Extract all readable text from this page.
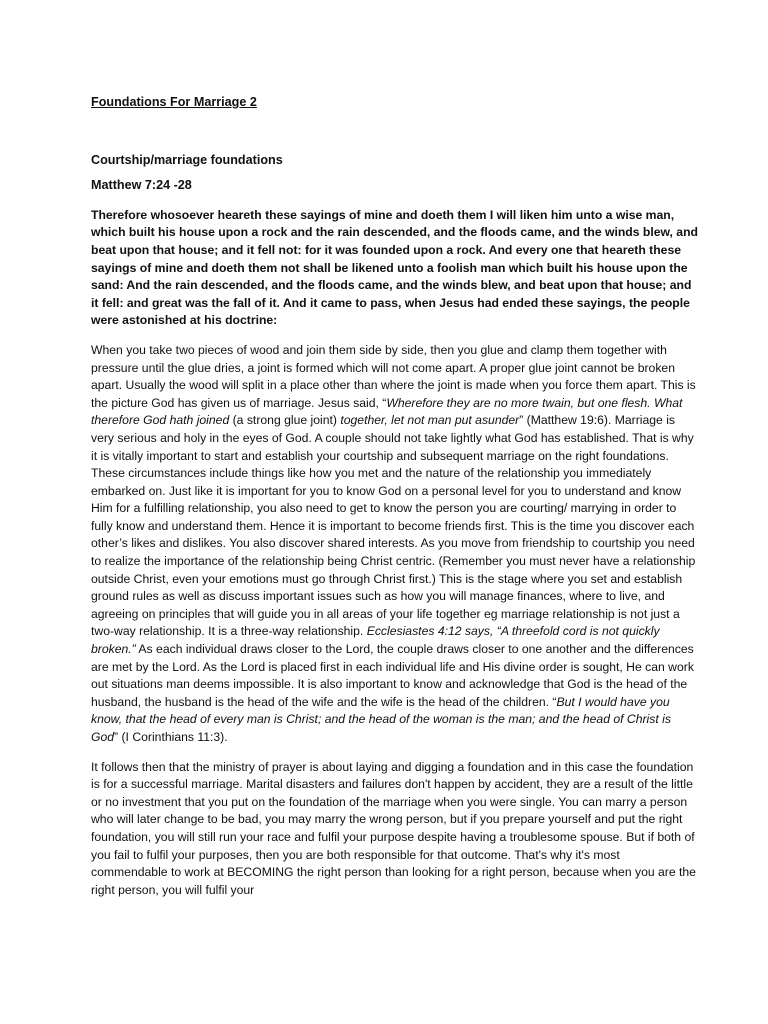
Foundations For Marriage 2

Courtship/marriage foundations

Matthew 7:24 -28

Therefore whosoever heareth these sayings of mine and doeth them I will liken him unto a wise man, which built his house upon a rock and the rain descended, and the floods came, and the winds blew, and beat upon that house; and it fell not: for it was founded upon a rock. And every one that heareth these sayings of mine and doeth them not shall be likened unto a foolish man which built his house upon the sand: And the rain descended, and the floods came, and the winds blew, and beat upon that house; and it fell: and great was the fall of it. And it came to pass, when Jesus had ended these sayings, the people were astonished at his doctrine:

When you take two pieces of wood and join them side by side, then you glue and clamp them together with pressure until the glue dries, a joint is formed which will not come apart. A proper glue joint cannot be broken apart. Usually the wood will split in a place other than where the joint is made when you force them apart. This is the picture God has given us of marriage. Jesus said, “Wherefore they are no more twain, but one flesh. What therefore God hath joined (a strong glue joint) together, let not man put asunder” (Matthew 19:6). Marriage is very serious and holy in the eyes of God. A couple should not take lightly what God has established. That is why it is vitally important to start and establish your courtship and subsequent marriage on the right foundations. These circumstances include things like how you met and the nature of the relationship you immediately embarked on. Just like it is important for you to know God on a personal level for you to understand and know Him for a fulfilling relationship, you also need to get to know the person you are courting/ marrying in order to fully know and understand them. Hence it is important to become friends first. This is the time you discover each other’s likes and dislikes. You also discover shared interests. As you move from friendship to courtship you need to realize the importance of the relationship being Christ centric. (Remember you must never have a relationship outside Christ, even your emotions must go through Christ first.) This is the stage where you set and establish ground rules as well as discuss important issues such as how you will manage finances, where to live, and agreeing on principles that will guide you in all areas of your life together eg marriage relationship is not just a two-way relationship. It is a three-way relationship. Ecclesiastes 4:12 says, “A threefold cord is not quickly broken.” As each individual draws closer to the Lord, the couple draws closer to one another and the differences are met by the Lord. As the Lord is placed first in each individual life and His divine order is sought, He can work out situations man deems impossible. It is also important to know and acknowledge that God is the head of the husband, the husband is the head of the wife and the wife is the head of the children. “But I would have you know, that the head of every man is Christ; and the head of the woman is the man; and the head of Christ is God” (I Corinthians 11:3).

It follows then that the ministry of prayer is about laying and digging a foundation and in this case the foundation is for a successful marriage. Marital disasters and failures don't happen by accident, they are a result of the little or no investment that you put on the foundation of the marriage when you were single. You can marry a person who will later change to be bad, you may marry the wrong person, but if you prepare yourself and put the right foundation, you will still run your race and fulfil your purpose despite having a troublesome spouse. But if both of you fail to fulfil your purposes, then you are both responsible for that outcome. That's why it's most commendable to work at BECOMING the right person than looking for a right person, because when you are the right person, you will fulfil your
